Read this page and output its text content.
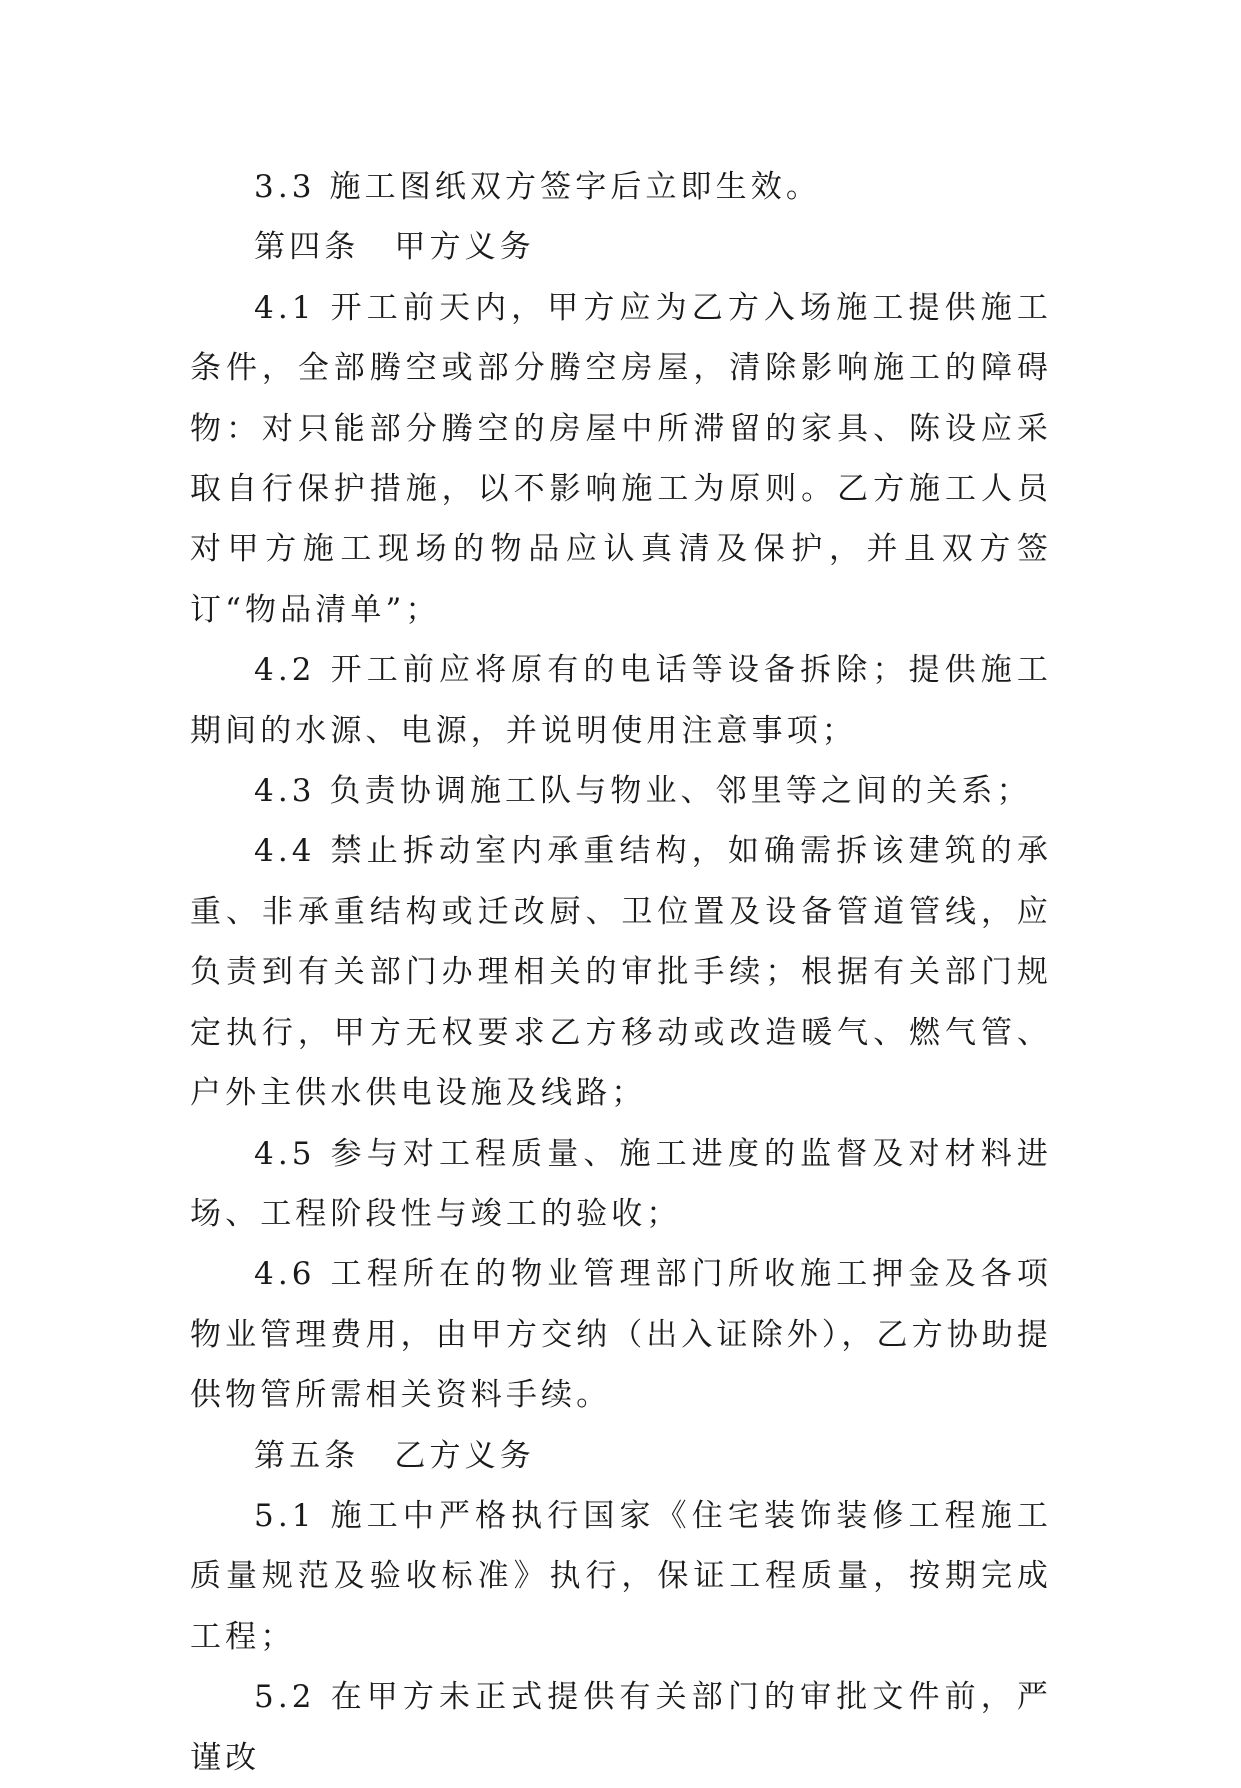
3.3 施工图纸双方签字后立即生效。

第四条　甲方义务

4.1 开工前天内，甲方应为乙方入场施工提供施工条件，全部腾空或部分腾空房屋，清除影响施工的障碍物：对只能部分腾空的房屋中所滞留的家具、陈设应采取自行保护措施，以不影响施工为原则。乙方施工人员对甲方施工现场的物品应认真清及保护，并且双方签订“物品清单”；

4.2 开工前应将原有的电话等设备拆除；提供施工期间的水源、电源，并说明使用注意事项；

4.3 负责协调施工队与物业、邻里等之间的关系；

4.4 禁止拆动室内承重结构，如确需拆该建筑的承重、非承重结构或迁改厨、卫位置及设备管道管线，应负责到有关部门办理相关的审批手续；根据有关部门规定执行，甲方无权要求乙方移动或改造暖气、燃气管、户外主供水供电设施及线路；

4.5 参与对工程质量、施工进度的监督及对材料进场、工程阶段性与竣工的验收；

4.6 工程所在的物业管理部门所收施工押金及各项物业管理费用，由甲方交纳（出入证除外），乙方协助提供物管所需相关资料手续。

第五条　乙方义务

5.1 施工中严格执行国家《住宅装饰装修工程施工质量规范及验收标准》执行，保证工程质量，按期完成工程；

5.2 在甲方未正式提供有关部门的审批文件前，严谨改
